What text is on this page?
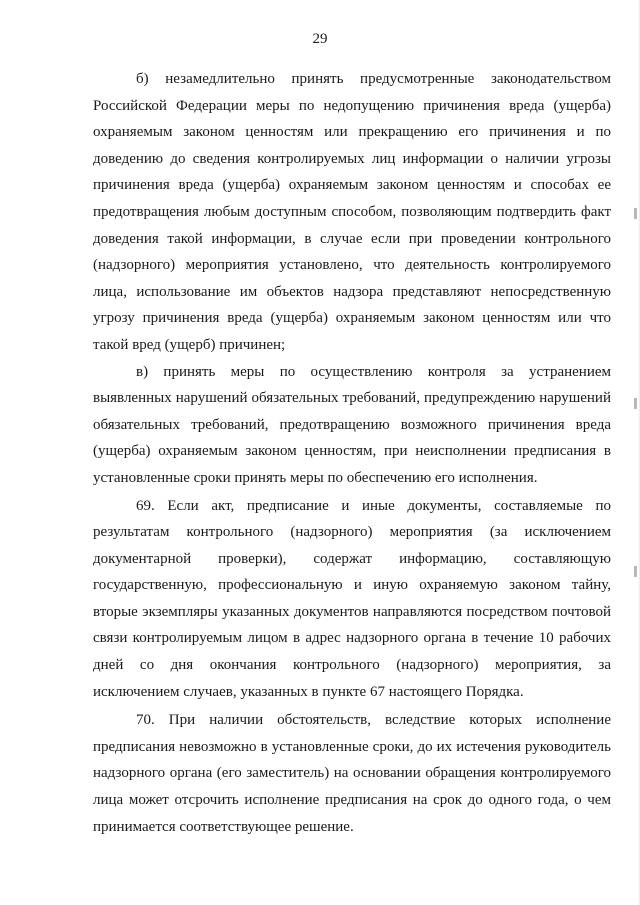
29

б) незамедлительно принять предусмотренные законодательством Российской Федерации меры по недопущению причинения вреда (ущерба) охраняемым законом ценностям или прекращению его причинения и по доведению до сведения контролируемых лиц информации о наличии угрозы причинения вреда (ущерба) охраняемым законом ценностям и способах ее предотвращения любым доступным способом, позволяющим подтвердить факт доведения такой информации, в случае если при проведении контрольного (надзорного) мероприятия установлено, что деятельность контролируемого лица, использование им объектов надзора представляют непосредственную угрозу причинения вреда (ущерба) охраняемым законом ценностям или что такой вред (ущерб) причинен;

в) принять меры по осуществлению контроля за устранением выявленных нарушений обязательных требований, предупреждению нарушений обязательных требований, предотвращению возможного причинения вреда (ущерба) охраняемым законом ценностям, при неисполнении предписания в установленные сроки принять меры по обеспечению его исполнения.

69. Если акт, предписание и иные документы, составляемые по результатам контрольного (надзорного) мероприятия (за исключением документарной проверки), содержат информацию, составляющую государственную, профессиональную и иную охраняемую законом тайну, вторые экземпляры указанных документов направляются посредством почтовой связи контролируемым лицом в адрес надзорного органа в течение 10 рабочих дней со дня окончания контрольного (надзорного) мероприятия, за исключением случаев, указанных в пункте 67 настоящего Порядка.

70. При наличии обстоятельств, вследствие которых исполнение предписания невозможно в установленные сроки, до их истечения руководитель надзорного органа (его заместитель) на основании обращения контролируемого лица может отсрочить исполнение предписания на срок до одного года, о чем принимается соответствующее решение.
